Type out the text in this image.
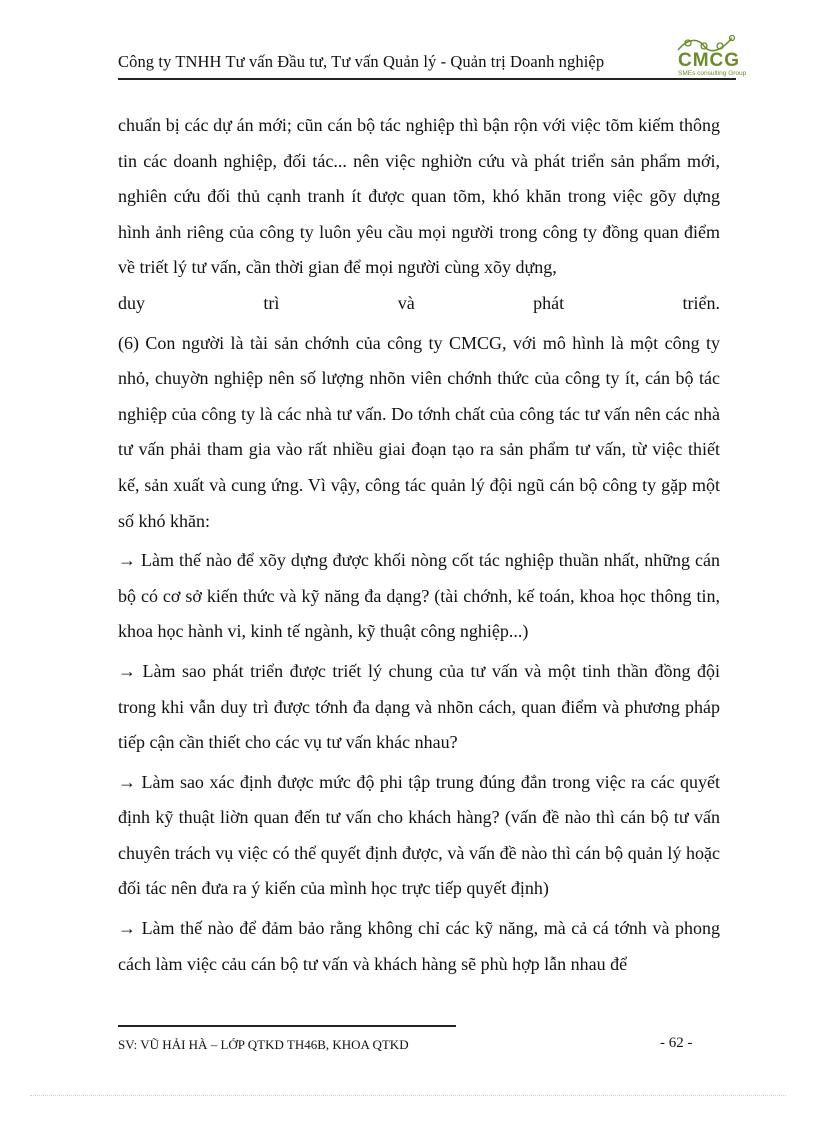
Công ty TNHH Tư vấn Đầu tư, Tư vấn Quản lý - Quản trị Doanh nghiệp	CMCG
SMEs consulting Group

chuẩn bị các dự án mới; cũn cán bộ tác nghiệp thì bận rộn với việc tõm kiếm thông tin các doanh nghiệp, đối tác... nên việc nghiờn cứu và phát triển sản phẩm mới, nghiên cứu đối thủ cạnh tranh ít được quan tõm, khó khăn trong việc gõy dựng hình ảnh riêng của công ty luôn yêu cầu mọi người trong công ty đồng quan điểm về triết lý tư vấn, cần thời gian để mọi người cùng xõy dựng,

duy	trì	và	phát	triển.

(6) Con người là tài sản chớnh của công ty CMCG, với mô hình là một công ty nhỏ, chuyờn nghiệp nên số lượng nhõn viên chớnh thức của công ty ít, cán bộ tác nghiệp của công ty là các nhà tư vấn. Do tớnh chất của công tác tư vấn nên các nhà tư vấn phải tham gia vào rất nhiều giai đoạn tạo ra sản phẩm tư vấn, từ việc thiết kế, sản xuất và cung ứng. Vì vậy, công tác quản lý đội ngũ cán bộ công ty gặp một số khó khăn:

→ Làm thế nào để xõy dựng được khối nòng cốt tác nghiệp thuần nhất, những cán bộ có cơ sở kiến thức và kỹ năng đa dạng? (tài chớnh, kế toán, khoa học thông tin, khoa học hành vi, kinh tế ngành, kỹ thuật công nghiệp...)

→ Làm sao phát triển được triết lý chung của tư vấn và một tinh thần đồng đội trong khi vẫn duy trì được tớnh đa dạng và nhõn cách, quan điểm và phương pháp tiếp cận cần thiết cho các vụ tư vấn khác nhau?

→ Làm sao xác định được mức độ phi tập trung đúng đắn trong việc ra các quyết định kỹ thuật liờn quan đến tư vấn cho khách hàng? (vấn đề nào thì cán bộ tư vấn chuyên trách vụ việc có thể quyết định được, và vấn đề nào thì cán bộ quản lý hoặc đối tác nên đưa ra ý kiến của mình học trực tiếp quyết định)

→ Làm thế nào để đảm bảo rằng không chỉ các kỹ năng, mà cả cá tớnh và phong cách làm việc cảu cán bộ tư vấn và khách hàng sẽ phù hợp lẫn nhau để

SV: VŨ HẢI HÀ – LỚP QTKD TH46B, KHOA QTKD	- 62 -
